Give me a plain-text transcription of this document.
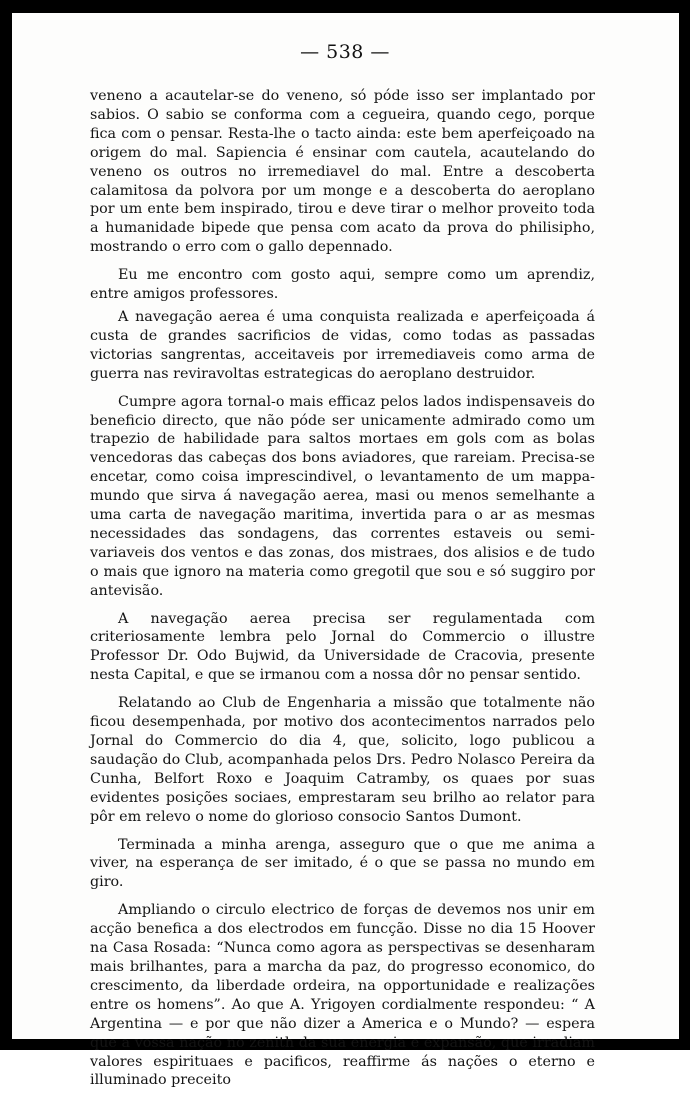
— 538 —

veneno a acautelar-se do veneno, só póde isso ser implantado por sabios. O sabio se conforma com a cegueira, quando cego, porque fica com o pensar. Resta-lhe o tacto ainda: este bem aperfeiçoado na origem do mal. Sapiencia é ensinar com cautela, acautelando do veneno os outros no irremediavel do mal. Entre a descoberta calamitosa da polvora por um monge e a descoberta do aeroplano por um ente bem inspirado, tirou e deve tirar o melhor proveito toda a humanidade bipede que pensa com acato da prova do philisipho, mostrando o erro com o gallo depennado.

Eu me encontro com gosto aqui, sempre como um aprendiz, entre amigos professores.

A navegação aerea é uma conquista realizada e aperfeiçoada á custa de grandes sacrificios de vidas, como todas as passadas victorias sangrentas, acceitaveis por irremediaveis como arma de guerra nas reviravoltas estrategicas do aeroplano destruidor.

Cumpre agora tornal-o mais efficaz pelos lados indispensaveis do beneficio directo, que não póde ser unicamente admirado como um trapezio de habilidade para saltos mortaes em gols com as bolas vencedoras das cabeças dos bons aviadores, que rareiam. Precisa-se encetar, como coisa imprescindivel, o levantamento de um mappa-mundo que sirva á navegação aerea, masi ou menos semelhante a uma carta de navegação maritima, invertida para o ar as mesmas necessidades das sondagens, das correntes estaveis ou semi-variaveis dos ventos e das zonas, dos mistraes, dos alisios e de tudo o mais que ignoro na materia como gregotil que sou e só suggiro por antevisão.

A navegação aerea precisa ser regulamentada com criteriosamente lembra pelo Jornal do Commercio o illustre Professor Dr. Odo Bujwid, da Universidade de Cracovia, presente nesta Capital, e que se irmanou com a nossa dôr no pensar sentido.

Relatando ao Club de Engenharia a missão que totalmente não ficou desempenhada, por motivo dos acontecimentos narrados pelo Jornal do Commercio do dia 4, que, solicito, logo publicou a saudação do Club, acompanhada pelos Drs. Pedro Nolasco Pereira da Cunha, Belfort Roxo e Joaquim Catramby, os quaes por suas evidentes posições sociaes, emprestaram seu brilho ao relator para pôr em relevo o nome do glorioso consocio Santos Dumont.

Terminada a minha arenga, asseguro que o que me anima a viver, na esperança de ser imitado, é o que se passa no mundo em giro.

Ampliando o circulo electrico de forças de devemos nos unir em acção benefica a dos electrodos em funcção. Disse no dia 15 Hoover na Casa Rosada: “Nunca como agora as perspectivas se desenharam mais brilhantes, para a marcha da paz, do progresso economico, do crescimento, da liberdade ordeira, na opportunidade e realizações entre os homens”. Ao que A. Yrigoyen cordialmente respondeu: “ A Argentina — e por que não dizer a America e o Mundo? — espera que a vossa nação no zenith da sua energia e expansão, que irradiam valores espirituaes e pacificos, reaffirme ás nações o eterno e illuminado preceito
